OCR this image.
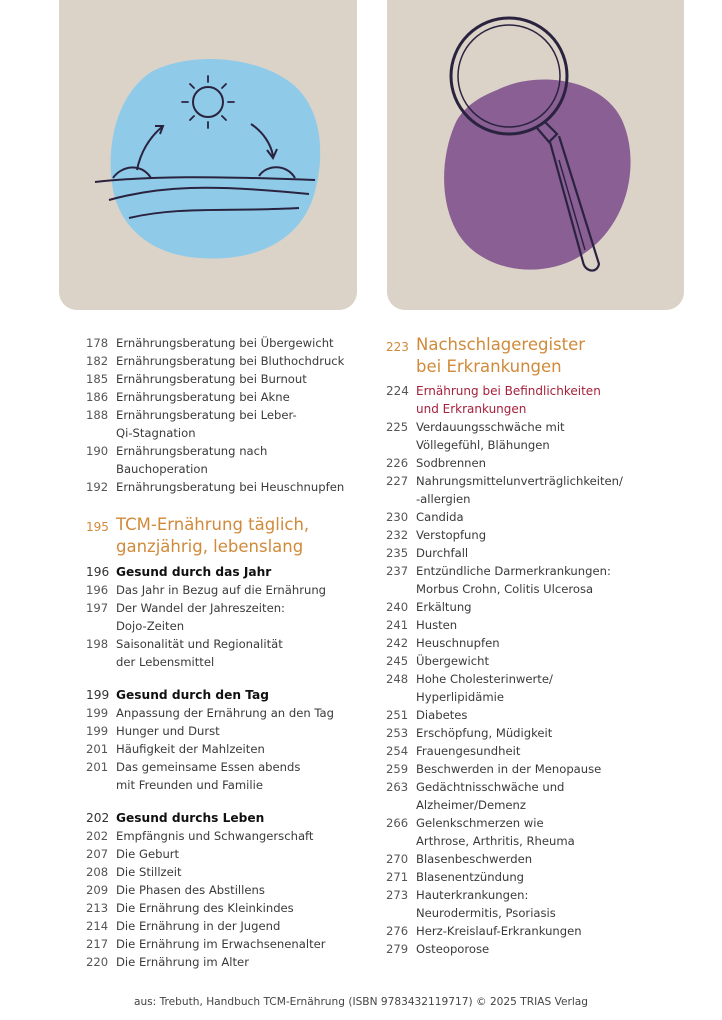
178 Ernährungsberatung bei Übergewicht
182 Ernährungsberatung bei Bluthochdruck
185 Ernährungsberatung bei Burnout
186 Ernährungsberatung bei Akne
188 Ernährungsberatung bei Leber-
Qi-Stagnation
190 Ernährungsberatung nach
Bauchoperation
192 Ernährungsberatung bei Heuschnupfen
195 TCM-Ernährung täglich,
ganzjährig, lebenslang
196 Gesund durch das Jahr
196 Das Jahr in Bezug auf die Ernährung
197 Der Wandel der Jahreszeiten:
Dojo-Zeiten
198 Saisonalität und Regionalität
der Lebensmittel
199 Gesund durch den Tag
199 Anpassung der Ernährung an den Tag
199 Hunger und Durst
201 Häufigkeit der Mahlzeiten
201 Das gemeinsame Essen abends
mit Freunden und Familie
202 Gesund durchs Leben
202 Empfängnis und Schwangerschaft
207 Die Geburt
208 Die Stillzeit
209 Die Phasen des Abstillens
213 Die Ernährung des Kleinkindes
214 Die Ernährung in der Jugend
217 Die Ernährung im Erwachsenenalter
220 Die Ernährung im Alter
223 Nachschlageregister
bei Erkrankungen
224 Ernährung bei Befindlichkeiten
und Erkrankungen
225 Verdauungsschwäche mit
Völlegefühl, Blähungen
226 Sodbrennen
227 Nahrungsmittelunverträglichkeiten/
-allergien
230 Candida
232 Verstopfung
235 Durchfall
237 Entzündliche Darmerkrankungen:
Morbus Crohn, Colitis Ulcerosa
240 Erkältung
241 Husten
242 Heuschnupfen
245 Übergewicht
248 Hohe Cholesterinwerte/
Hyperlipidämie
251 Diabetes
253 Erschöpfung, Müdigkeit
254 Frauengesundheit
259 Beschwerden in der Menopause
263 Gedächtnisschwäche und
Alzheimer/Demenz
266 Gelenkschmerzen wie
Arthrose, Arthritis, Rheuma
270 Blasenbeschwerden
271 Blasenentzündung
273 Hauterkrankungen:
Neurodermitis, Psoriasis
276 Herz-Kreislauf-Erkrankungen
279 Osteoporose
aus: Trebuth, Handbuch TCM-Ernährung (ISBN 9783432119717) © 2025 TRIAS Verlag
